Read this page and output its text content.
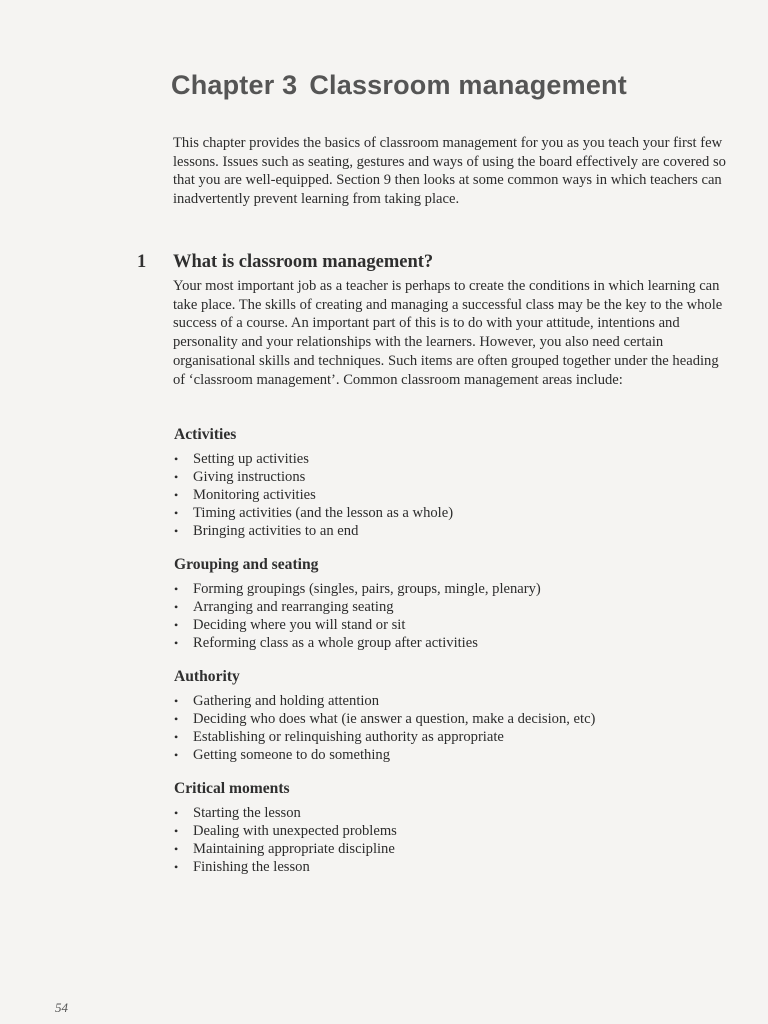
Chapter 3 Classroom management

This chapter provides the basics of classroom management for you as you teach your first few lessons. Issues such as seating, gestures and ways of using the board effectively are covered so that you are well-equipped. Section 9 then looks at some common ways in which teachers can inadvertently prevent learning from taking place.

1 What is classroom management?

Your most important job as a teacher is perhaps to create the conditions in which learning can take place. The skills of creating and managing a successful class may be the key to the whole success of a course. An important part of this is to do with your attitude, intentions and personality and your relationships with the learners. However, you also need certain organisational skills and techniques. Such items are often grouped together under the heading of ‘classroom management’. Common classroom management areas include:

Activities
• Setting up activities
• Giving instructions
• Monitoring activities
• Timing activities (and the lesson as a whole)
• Bringing activities to an end
Grouping and seating
• Forming groupings (singles, pairs, groups, mingle, plenary)
• Arranging and rearranging seating
• Deciding where you will stand or sit
• Reforming class as a whole group after activities
Authority
• Gathering and holding attention
• Deciding who does what (ie answer a question, make a decision, etc)
• Establishing or relinquishing authority as appropriate
• Getting someone to do something
Critical moments
• Starting the lesson
• Dealing with unexpected problems
• Maintaining appropriate discipline
• Finishing the lesson
54
